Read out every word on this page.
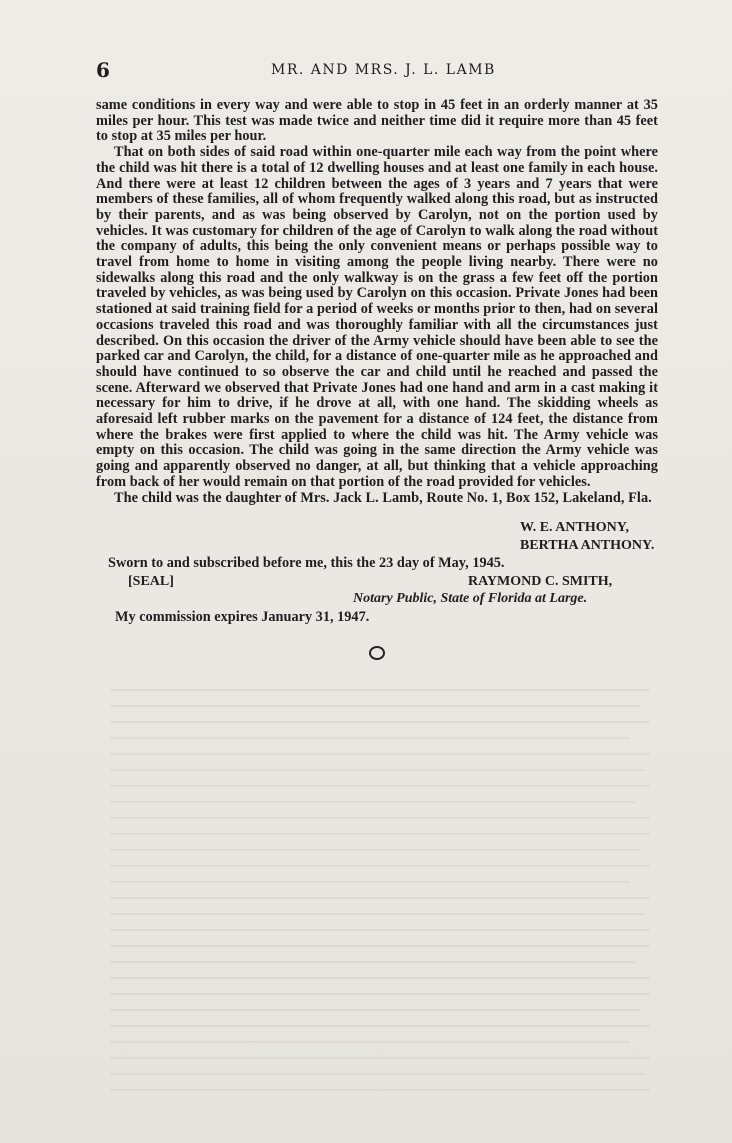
6	MR. AND MRS. J. L. LAMB

same conditions in every way and were able to stop in 45 feet in an orderly manner at 35 miles per hour. This test was made twice and neither time did it require more than 45 feet to stop at 35 miles per hour.

That on both sides of said road within one-quarter mile each way from the point where the child was hit there is a total of 12 dwelling houses and at least one family in each house. And there were at least 12 children between the ages of 3 years and 7 years that were members of these families, all of whom frequently walked along this road, but as instructed by their parents, and as was being observed by Carolyn, not on the portion used by vehicles. It was customary for children of the age of Carolyn to walk along the road without the company of adults, this being the only convenient means or perhaps possible way to travel from home to home in visiting among the people living nearby. There were no sidewalks along this road and the only walkway is on the grass a few feet off the portion traveled by vehicles, as was being used by Carolyn on this occasion. Private Jones had been stationed at said training field for a period of weeks or months prior to then, had on several occasions traveled this road and was thoroughly familiar with all the circumstances just described. On this occasion the driver of the Army vehicle should have been able to see the parked car and Carolyn, the child, for a distance of one-quarter mile as he approached and should have continued to so observe the car and child until he reached and passed the scene. Afterward we observed that Private Jones had one hand and arm in a cast making it necessary for him to drive, if he drove at all, with one hand. The skidding wheels as aforesaid left rubber marks on the pavement for a distance of 124 feet, the distance from where the brakes were first applied to where the child was hit. The Army vehicle was empty on this occasion. The child was going in the same direction the Army vehicle was going and apparently observed no danger, at all, but thinking that a vehicle approaching from back of her would remain on that portion of the road provided for vehicles.

The child was the daughter of Mrs. Jack L. Lamb, Route No. 1, Box 152, Lakeland, Fla.

W. E. ANTHONY,
BERTHA ANTHONY.
Sworn to and subscribed before me, this the 23 day of May, 1945.
[SEAL]	RAYMOND C. SMITH,
Notary Public, State of Florida at Large.
My commission expires January 31, 1947.
